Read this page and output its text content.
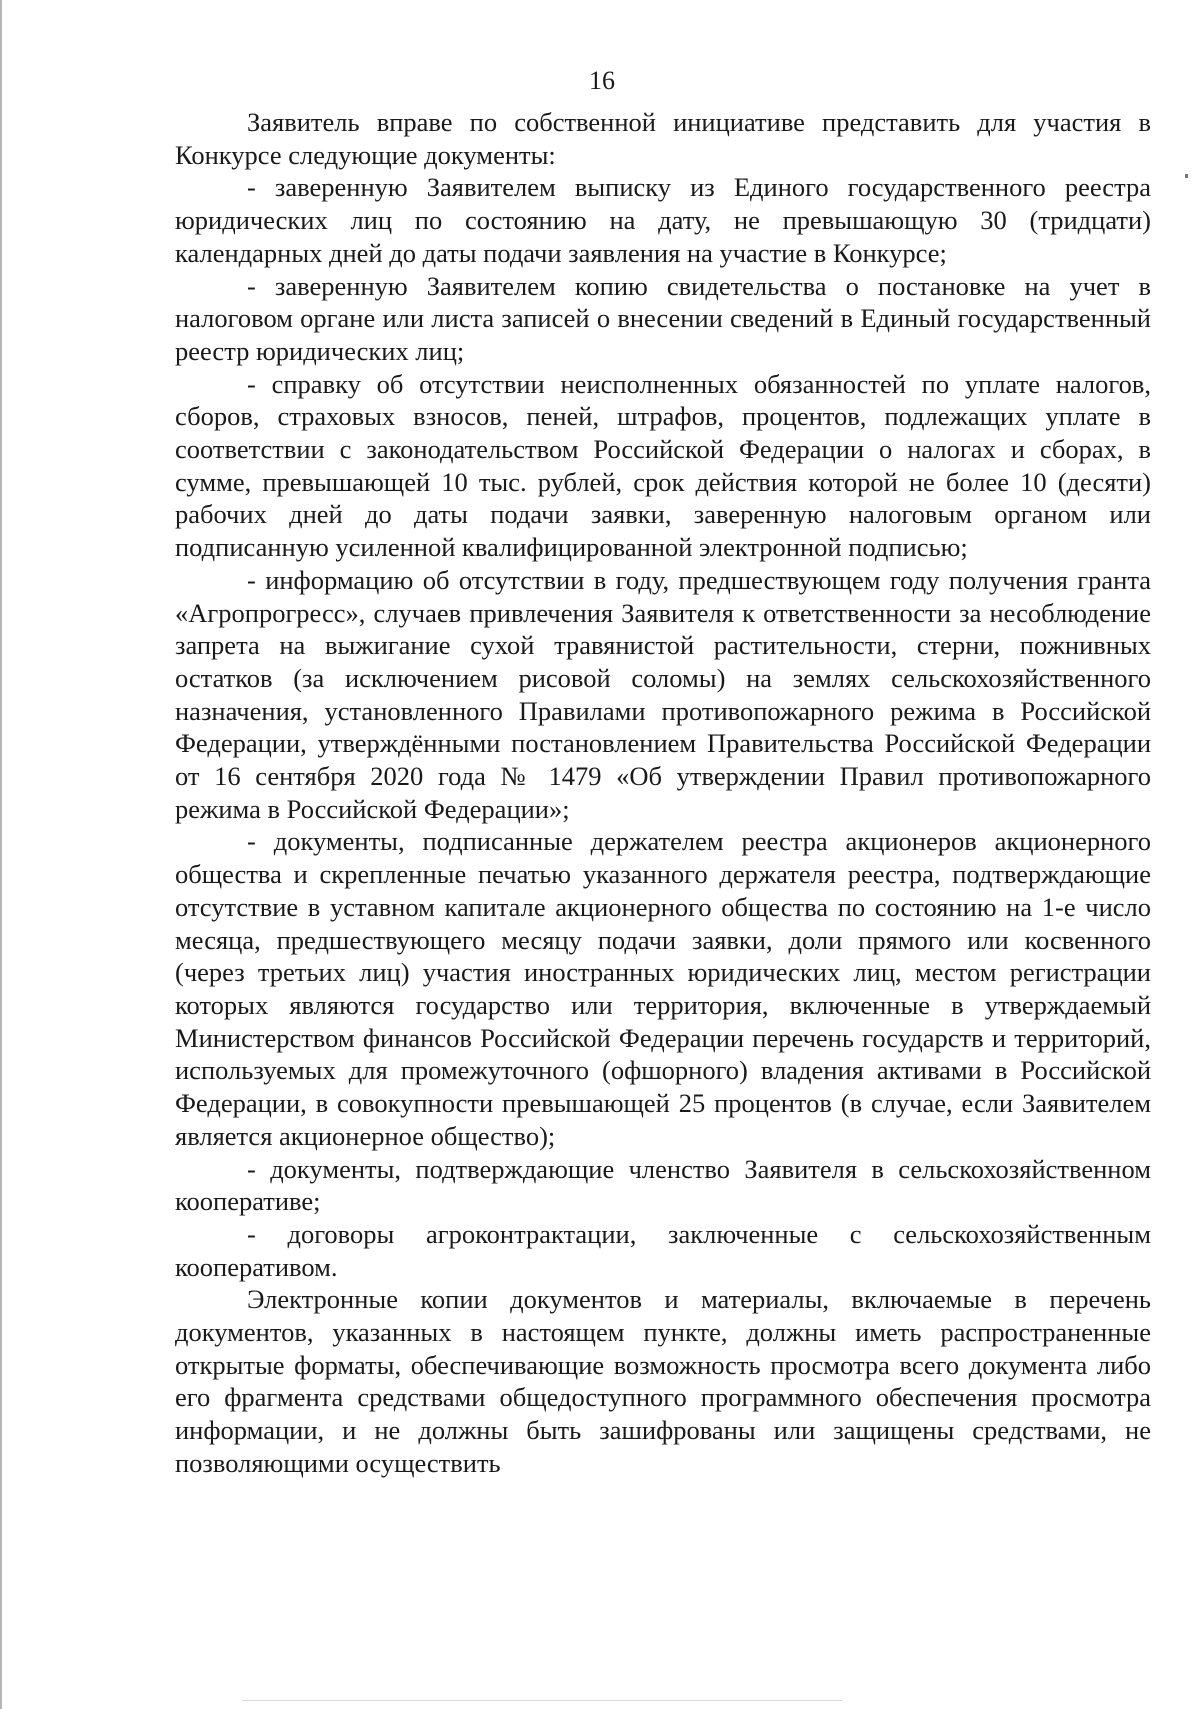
16

Заявитель вправе по собственной инициативе представить для участия в Конкурсе следующие документы:

- заверенную Заявителем выписку из Единого государственного реестра юридических лиц по состоянию на дату, не превышающую 30 (тридцати) календарных дней до даты подачи заявления на участие в Конкурсе;

- заверенную Заявителем копию свидетельства о постановке на учет в налоговом органе или листа записей о внесении сведений в Единый государственный реестр юридических лиц;

- справку об отсутствии неисполненных обязанностей по уплате налогов, сборов, страховых взносов, пеней, штрафов, процентов, подлежащих уплате в соответствии с законодательством Российской Федерации о налогах и сборах, в сумме, превышающей 10 тыс. рублей, срок действия которой не более 10 (десяти) рабочих дней до даты подачи заявки, заверенную налоговым органом или подписанную усиленной квалифицированной электронной подписью;

- информацию об отсутствии в году, предшествующем году получения гранта «Агропрогресс», случаев привлечения Заявителя к ответственности за несоблюдение запрета на выжигание сухой травянистой растительности, стерни, пожнивных остатков (за исключением рисовой соломы) на землях сельскохозяйственного назначения, установленного Правилами противопожарного режима в Российской Федерации, утверждёнными постановлением Правительства Российской Федерации от 16 сентября 2020 года № 1479 «Об утверждении Правил противопожарного режима в Российской Федерации»;

- документы, подписанные держателем реестра акционеров акционерного общества и скрепленные печатью указанного держателя реестра, подтверждающие отсутствие в уставном капитале акционерного общества по состоянию на 1-е число месяца, предшествующего месяцу подачи заявки, доли прямого или косвенного (через третьих лиц) участия иностранных юридических лиц, местом регистрации которых являются государство или территория, включенные в утверждаемый Министерством финансов Российской Федерации перечень государств и территорий, используемых для промежуточного (офшорного) владения активами в Российской Федерации, в совокупности превышающей 25 процентов (в случае, если Заявителем является акционерное общество);

- документы, подтверждающие членство Заявителя в сельскохозяйственном кооперативе;

- договоры агроконтрактации, заключенные с сельскохозяйственным кооперативом.

Электронные копии документов и материалы, включаемые в перечень документов, указанных в настоящем пункте, должны иметь распространенные открытые форматы, обеспечивающие возможность просмотра всего документа либо его фрагмента средствами общедоступного программного обеспечения просмотра информации, и не должны быть зашифрованы или защищены средствами, не позволяющими осуществить
